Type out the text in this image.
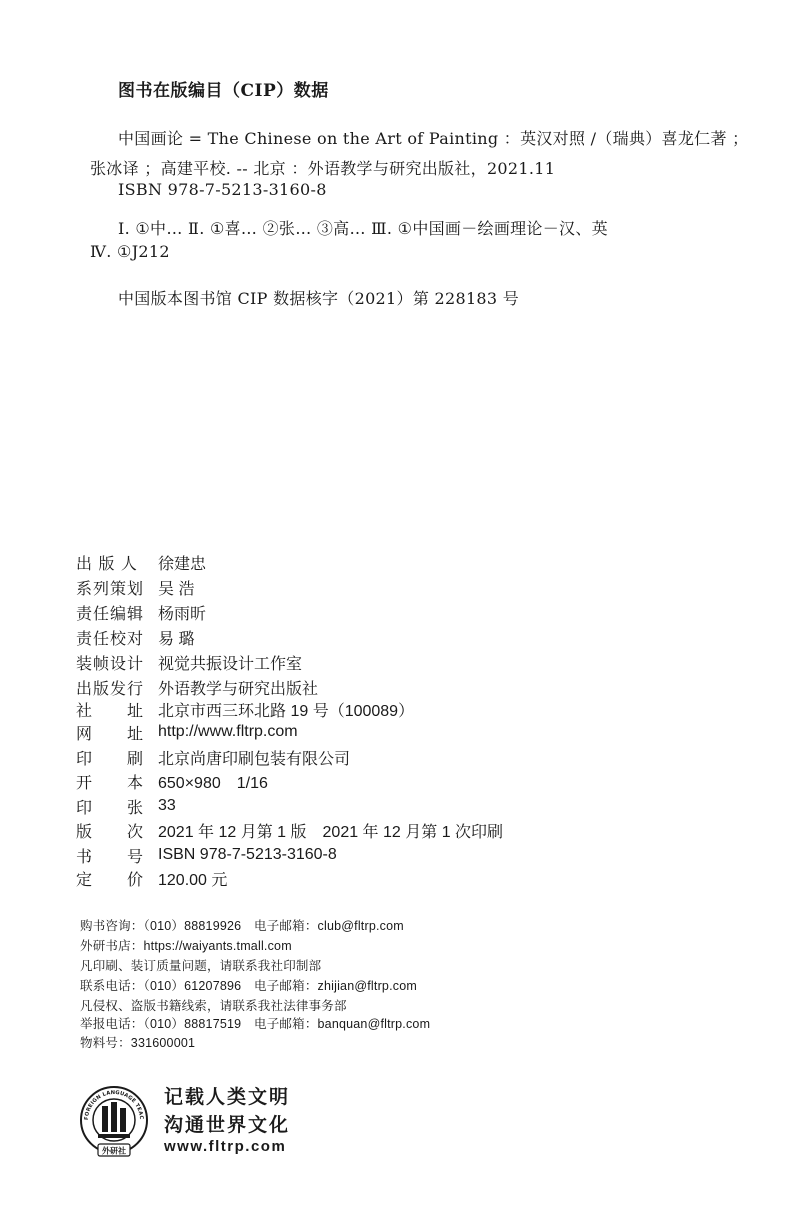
图书在版编目（CIP）数据
中国画论 = The Chinese on the Art of Painting ：英汉对照 /（瑞典）喜龙仁著 ；
张冰译 ；高建平校. -- 北京 ：外语教学与研究出版社，2021.11
ISBN 978-7-5213-3160-8
Ⅰ. ①中… Ⅱ. ①喜… ②张… ③高… Ⅲ. ①中国画－绘画理论－汉、英
Ⅳ. ①J212
中国版本图书馆 CIP 数据核字（2021）第 228183 号
出 版 人	徐建忠
系列策划 吴 浩
责任编辑 杨雨昕
责任校对 易 璐
装帧设计 视觉共振设计工作室
出版发行 外语教学与研究出版社
社　　址 北京市西三环北路 19 号（100089）
网　　址 http://www.fltrp.com
印　　刷 北京尚唐印刷包装有限公司
开　　本 650×980　1/16
印　　张 33
版　　次 2021 年 12 月第 1 版　2021 年 12 月第 1 次印刷
书　　号 ISBN 978-7-5213-3160-8
定　　价 120.00 元
购书咨询：（010）88819926　电子邮箱：club@fltrp.com
外研书店：https://waiyants.tmall.com
凡印刷、装订质量问题，请联系我社印制部
联系电话：（010）61207896　电子邮箱：zhijian@fltrp.com
凡侵权、盗版书籍线索，请联系我社法律事务部
举报电话：（010）88817519　电子邮箱：banquan@fltrp.com
物料号：331600001
FOREIGN LANGUAGE TEAC
外研社
记载人类文明
沟通世界文化
www.fltrp.com
